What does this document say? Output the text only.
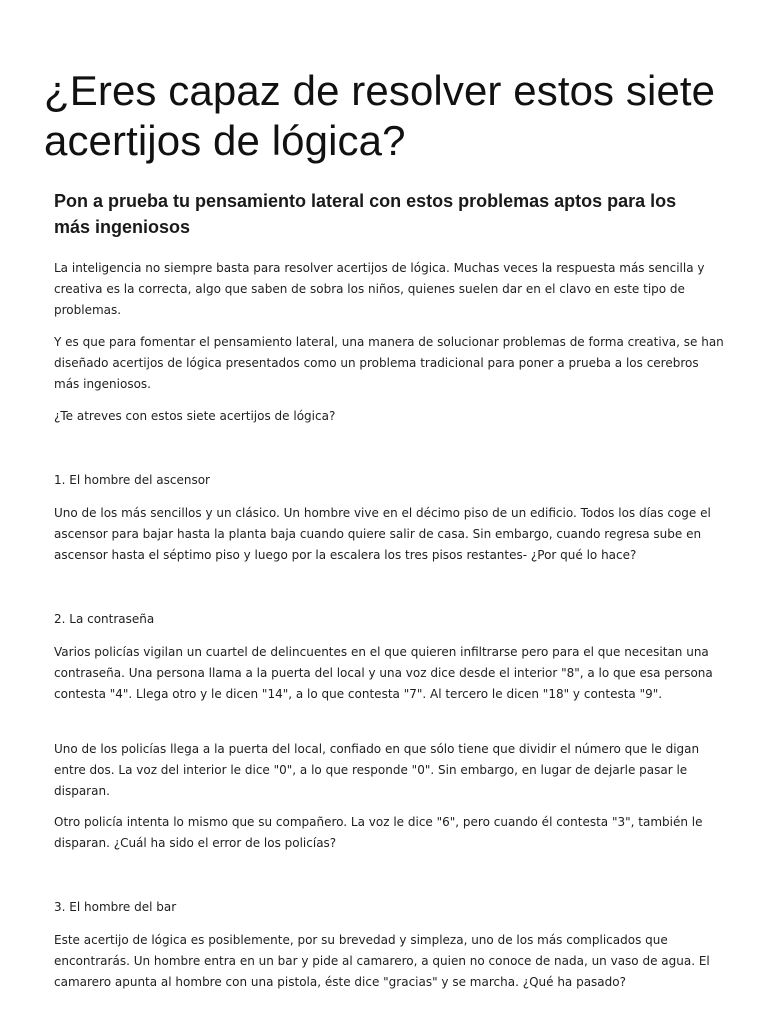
¿Eres capaz de resolver estos siete acertijos de lógica?
Pon a prueba tu pensamiento lateral con estos problemas aptos para los más ingeniosos

La inteligencia no siempre basta para resolver acertijos de lógica. Muchas veces la respuesta más sencilla y creativa es la correcta, algo que saben de sobra los niños, quienes suelen dar en el clavo en este tipo de problemas.

Y es que para fomentar el pensamiento lateral, una manera de solucionar problemas de forma creativa, se han diseñado acertijos de lógica presentados como un problema tradicional para poner a prueba a los cerebros más ingeniosos.

¿Te atreves con estos siete acertijos de lógica?

1. El hombre del ascensor

Uno de los más sencillos y un clásico. Un hombre vive en el décimo piso de un edificio. Todos los días coge el ascensor para bajar hasta la planta baja cuando quiere salir de casa. Sin embargo, cuando regresa sube en ascensor hasta el séptimo piso y luego por la escalera los tres pisos restantes- ¿Por qué lo hace?

2. La contraseña

Varios policías vigilan un cuartel de delincuentes en el que quieren infiltrarse pero para el que necesitan una contraseña. Una persona llama a la puerta del local y una voz dice desde el interior "8", a lo que esa persona contesta "4". Llega otro y le dicen "14", a lo que contesta "7". Al tercero le dicen "18" y contesta "9".

Uno de los policías llega a la puerta del local, confiado en que sólo tiene que dividir el número que le digan entre dos. La voz del interior le dice "0", a lo que responde "0". Sin embargo, en lugar de dejarle pasar le disparan.

Otro policía intenta lo mismo que su compañero. La voz le dice "6", pero cuando él contesta "3", también le disparan. ¿Cuál ha sido el error de los policías?

3. El hombre del bar

Este acertijo de lógica es posiblemente, por su brevedad y simpleza, uno de los más complicados que encontrarás. Un hombre entra en un bar y pide al camarero, a quien no conoce de nada, un vaso de agua. El camarero apunta al hombre con una pistola, éste dice "gracias" y se marcha. ¿Qué ha pasado?
